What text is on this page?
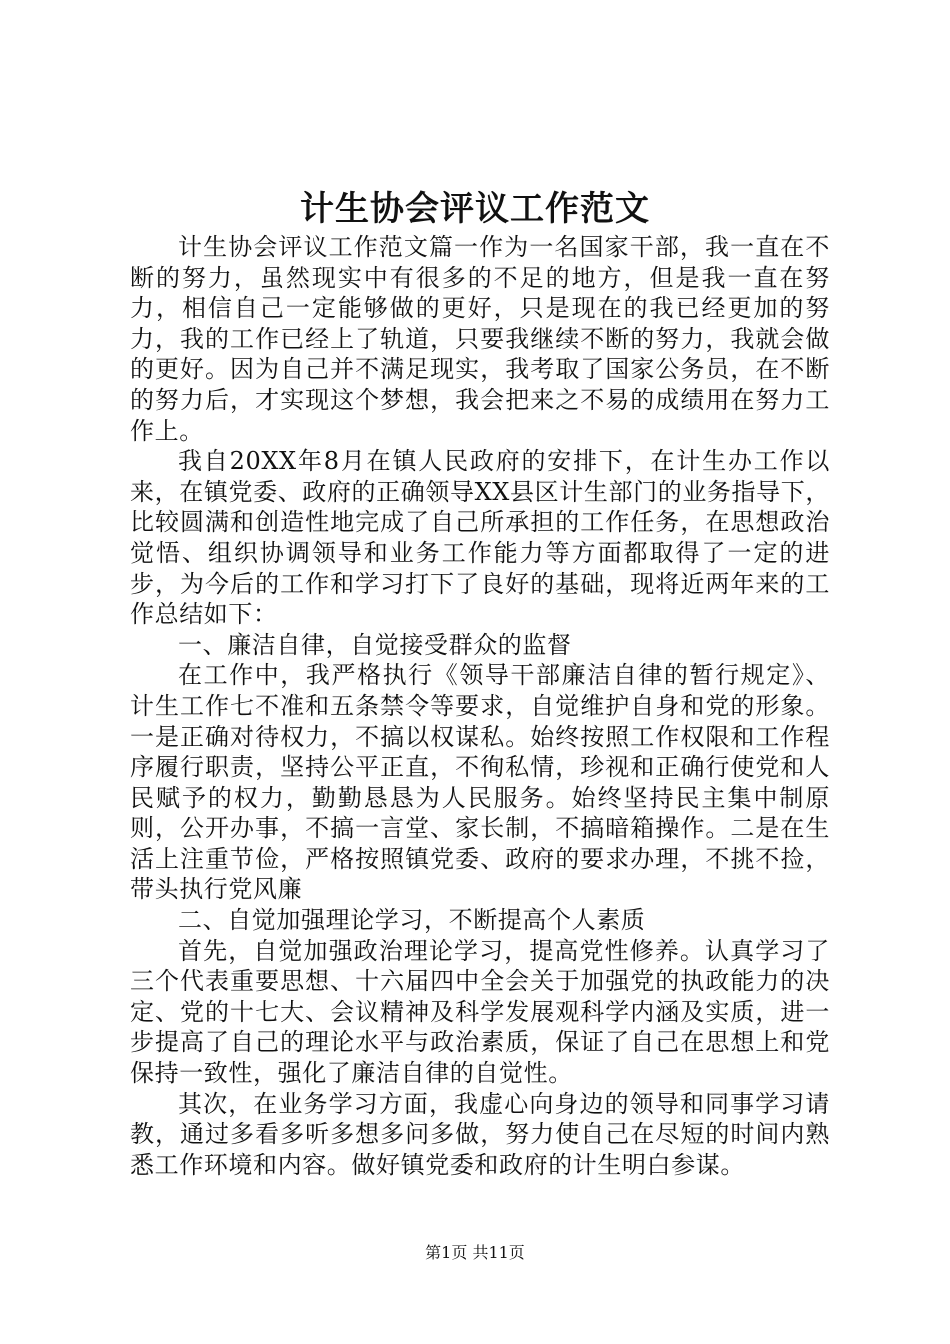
计生协会评议工作范文

计生协会评议工作范文篇一作为一名国家干部，我一直在不断的努力，虽然现实中有很多的不足的地方，但是我一直在努力，相信自己一定能够做的更好，只是现在的我已经更加的努力，我的工作已经上了轨道，只要我继续不断的努力，我就会做的更好。因为自己并不满足现实，我考取了国家公务员，在不断的努力后，才实现这个梦想，我会把来之不易的成绩用在努力工作上。

我自20XX年8月在镇人民政府的安排下，在计生办工作以来，在镇党委、政府的正确领导XX县区计生部门的业务指导下，比较圆满和创造性地完成了自己所承担的工作任务，在思想政治觉悟、组织协调领导和业务工作能力等方面都取得了一定的进步，为今后的工作和学习打下了良好的基础，现将近两年来的工作总结如下：

一、廉洁自律，自觉接受群众的监督

在工作中，我严格执行《领导干部廉洁自律的暂行规定》、计生工作七不准和五条禁令等要求，自觉维护自身和党的形象。一是正确对待权力，不搞以权谋私。始终按照工作权限和工作程序履行职责，坚持公平正直，不徇私情，珍视和正确行使党和人民赋予的权力，勤勤恳恳为人民服务。始终坚持民主集中制原则，公开办事，不搞一言堂、家长制，不搞暗箱操作。二是在生活上注重节俭，严格按照镇党委、政府的要求办理，不挑不捡，带头执行党风廉

二、自觉加强理论学习，不断提高个人素质

首先，自觉加强政治理论学习，提高党性修养。认真学习了三个代表重要思想、十六届四中全会关于加强党的执政能力的决定、党的十七大、会议精神及科学发展观科学内涵及实质，进一步提高了自己的理论水平与政治素质，保证了自己在思想上和党保持一致性，强化了廉洁自律的自觉性。

其次，在业务学习方面，我虚心向身边的领导和同事学习请教，通过多看多听多想多问多做，努力使自己在尽短的时间内熟悉工作环境和内容。做好镇党委和政府的计生明白参谋。

第1页 共11页
